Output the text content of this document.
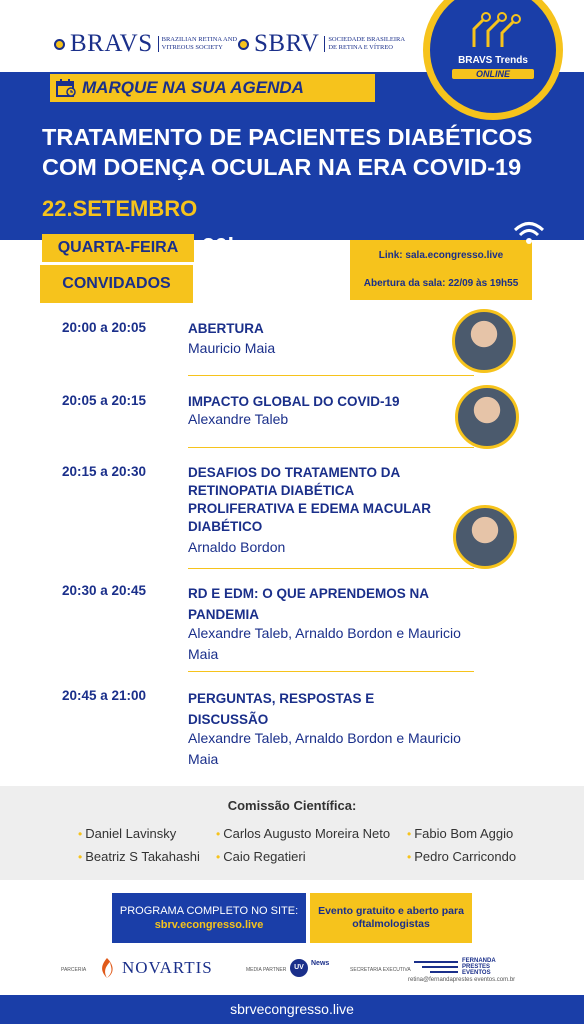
BRAVS	BRAZILIAN RETINA AND VITREOUS SOCIETY	SBRV	SOCIEDADE BRASILEIRA DE RETINA E VÍTREO
MARQUE NA SUA AGENDA
BRAVS Trends
ONLINE
TRATAMENTO DE PACIENTES DIABÉTICOS COM DOENÇA OCULAR NA ERA COVID-19
22.SETEMBRO
QUARTA-FEIRA	20h
CONVIDADOS
Link: sala.econgresso.live
Abertura da sala: 22/09 às 19h55
20:00 a 20:05	ABERTURA
Mauricio Maia
20:05 a 20:15	IMPACTO GLOBAL DO COVID-19
Alexandre Taleb
20:15 a 20:30	DESAFIOS DO TRATAMENTO DA RETINOPATIA DIABÉTICA PROLIFERATIVA E EDEMA MACULAR DIABÉTICO
Arnaldo Bordon
20:30 a 20:45	RD E EDM: O QUE APRENDEMOS NA PANDEMIA
Alexandre Taleb, Arnaldo Bordon e Mauricio Maia
20:45 a 21:00	PERGUNTAS, RESPOSTAS E DISCUSSÃO
Alexandre Taleb, Arnaldo Bordon e Mauricio Maia
Comissão Científica:
• Daniel Lavinsky	• Carlos Augusto Moreira Neto • Fabio Bom Aggio
• Beatriz S Takahashi • Caio Regatieri	• Pedro Carricondo
PROGRAMA COMPLETO NO SITE:
sbrv.econgresso.live
Evento gratuito e aberto para oftalmologistas
PARCERIA NOVARTIS	MEDIA PARTNER	UV
News
SECRETARIA EXECUTIVA
FERNANDA PRESTES EVENTOS
retina@fernandaprestes eventos.com.br
sbrvecongresso.live
